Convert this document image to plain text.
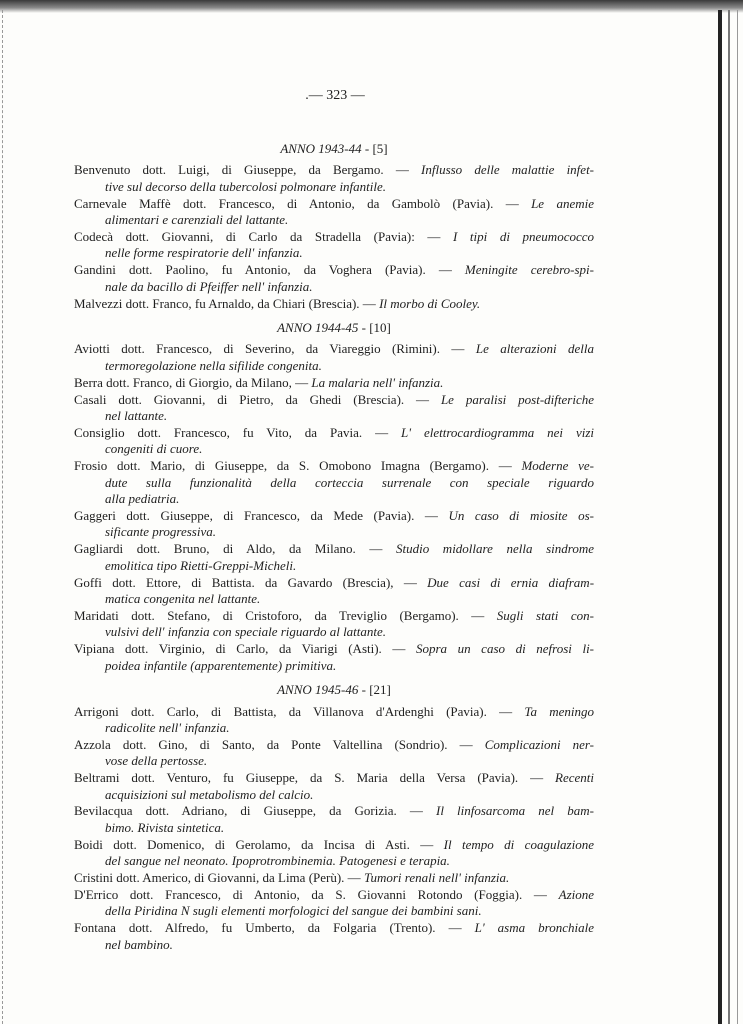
.— 323 —
ANNO 1943-44 - [5]
Benvenuto dott. Luigi, di Giuseppe, da Bergamo. — Influsso delle malattie infet-
tive sul decorso della tubercolosi polmonare infantile.
Carnevale Maffè dott. Francesco, di Antonio, da Gambolò (Pavia). — Le anemie
alimentari e carenziali del lattante.
Codecà dott. Giovanni, di Carlo da Stradella (Pavia): — I tipi di pneumococco
nelle forme respiratorie dell' infanzia.
Gandini dott. Paolino, fu Antonio, da Voghera (Pavia). — Meningite cerebro-spi-
nale da bacillo di Pfeiffer nell' infanzia.
Malvezzi dott. Franco, fu Arnaldo, da Chiari (Brescia). — Il morbo di Cooley.
ANNO 1944-45 - [10]
Aviotti dott. Francesco, di Severino, da Viareggio (Rimini). — Le alterazioni della
termoregolazione nella sifilide congenita.
Berra dott. Franco, di Giorgio, da Milano, — La malaria nell' infanzia.
Casali dott. Giovanni, di Pietro, da Ghedi (Brescia). — Le paralisi post-difteriche
nel lattante.
Consiglio dott. Francesco, fu Vito, da Pavia. — L' elettrocardiogramma nei vizi
congeniti di cuore.
Frosio dott. Mario, di Giuseppe, da S. Omobono Imagna (Bergamo). — Moderne ve-
dute sulla funzionalità della corteccia surrenale con speciale riguardo
alla pediatria.
Gaggeri dott. Giuseppe, di Francesco, da Mede (Pavia). — Un caso di miosite os-
sificante progressiva.
Gagliardi dott. Bruno, di Aldo, da Milano. — Studio midollare nella sindrome
emolitica tipo Rietti-Greppi-Micheli.
Goffi dott. Ettore, di Battista. da Gavardo (Brescia), — Due casi di ernia diafram-
matica congenita nel lattante.
Maridati dott. Stefano, di Cristoforo, da Treviglio (Bergamo). — Sugli stati con-
vulsivi dell' infanzia con speciale riguardo al lattante.
Vipiana dott. Virginio, di Carlo, da Viarigi (Asti). — Sopra un caso di nefrosi li-
poidea infantile (apparentemente) primitiva.
ANNO 1945-46 - [21]
Arrigoni dott. Carlo, di Battista, da Villanova d'Ardenghi (Pavia). — Ta meningo
radicolite nell' infanzia.
Azzola dott. Gino, di Santo, da Ponte Valtellina (Sondrio). — Complicazioni ner-
vose della pertosse.
Beltrami dott. Venturo, fu Giuseppe, da S. Maria della Versa (Pavia). — Recenti
acquisizioni sul metabolismo del calcio.
Bevilacqua dott. Adriano, di Giuseppe, da Gorizia. — Il linfosarcoma nel bam-
bimo. Rivista sintetica.
Boidi dott. Domenico, di Gerolamo, da Incisa di Asti. — Il tempo di coagulazione
del sangue nel neonato. Ipoprotrombinemia. Patogenesi e terapia.
Cristini dott. Americo, di Giovanni, da Lima (Perù). — Tumori renali nell' infanzia.
D'Errico dott. Francesco, di Antonio, da S. Giovanni Rotondo (Foggia). — Azione
della Piridina N sugli elementi morfologici del sangue dei bambini sani.
Fontana dott. Alfredo, fu Umberto, da Folgaria (Trento). — L' asma bronchiale
nel bambino.
